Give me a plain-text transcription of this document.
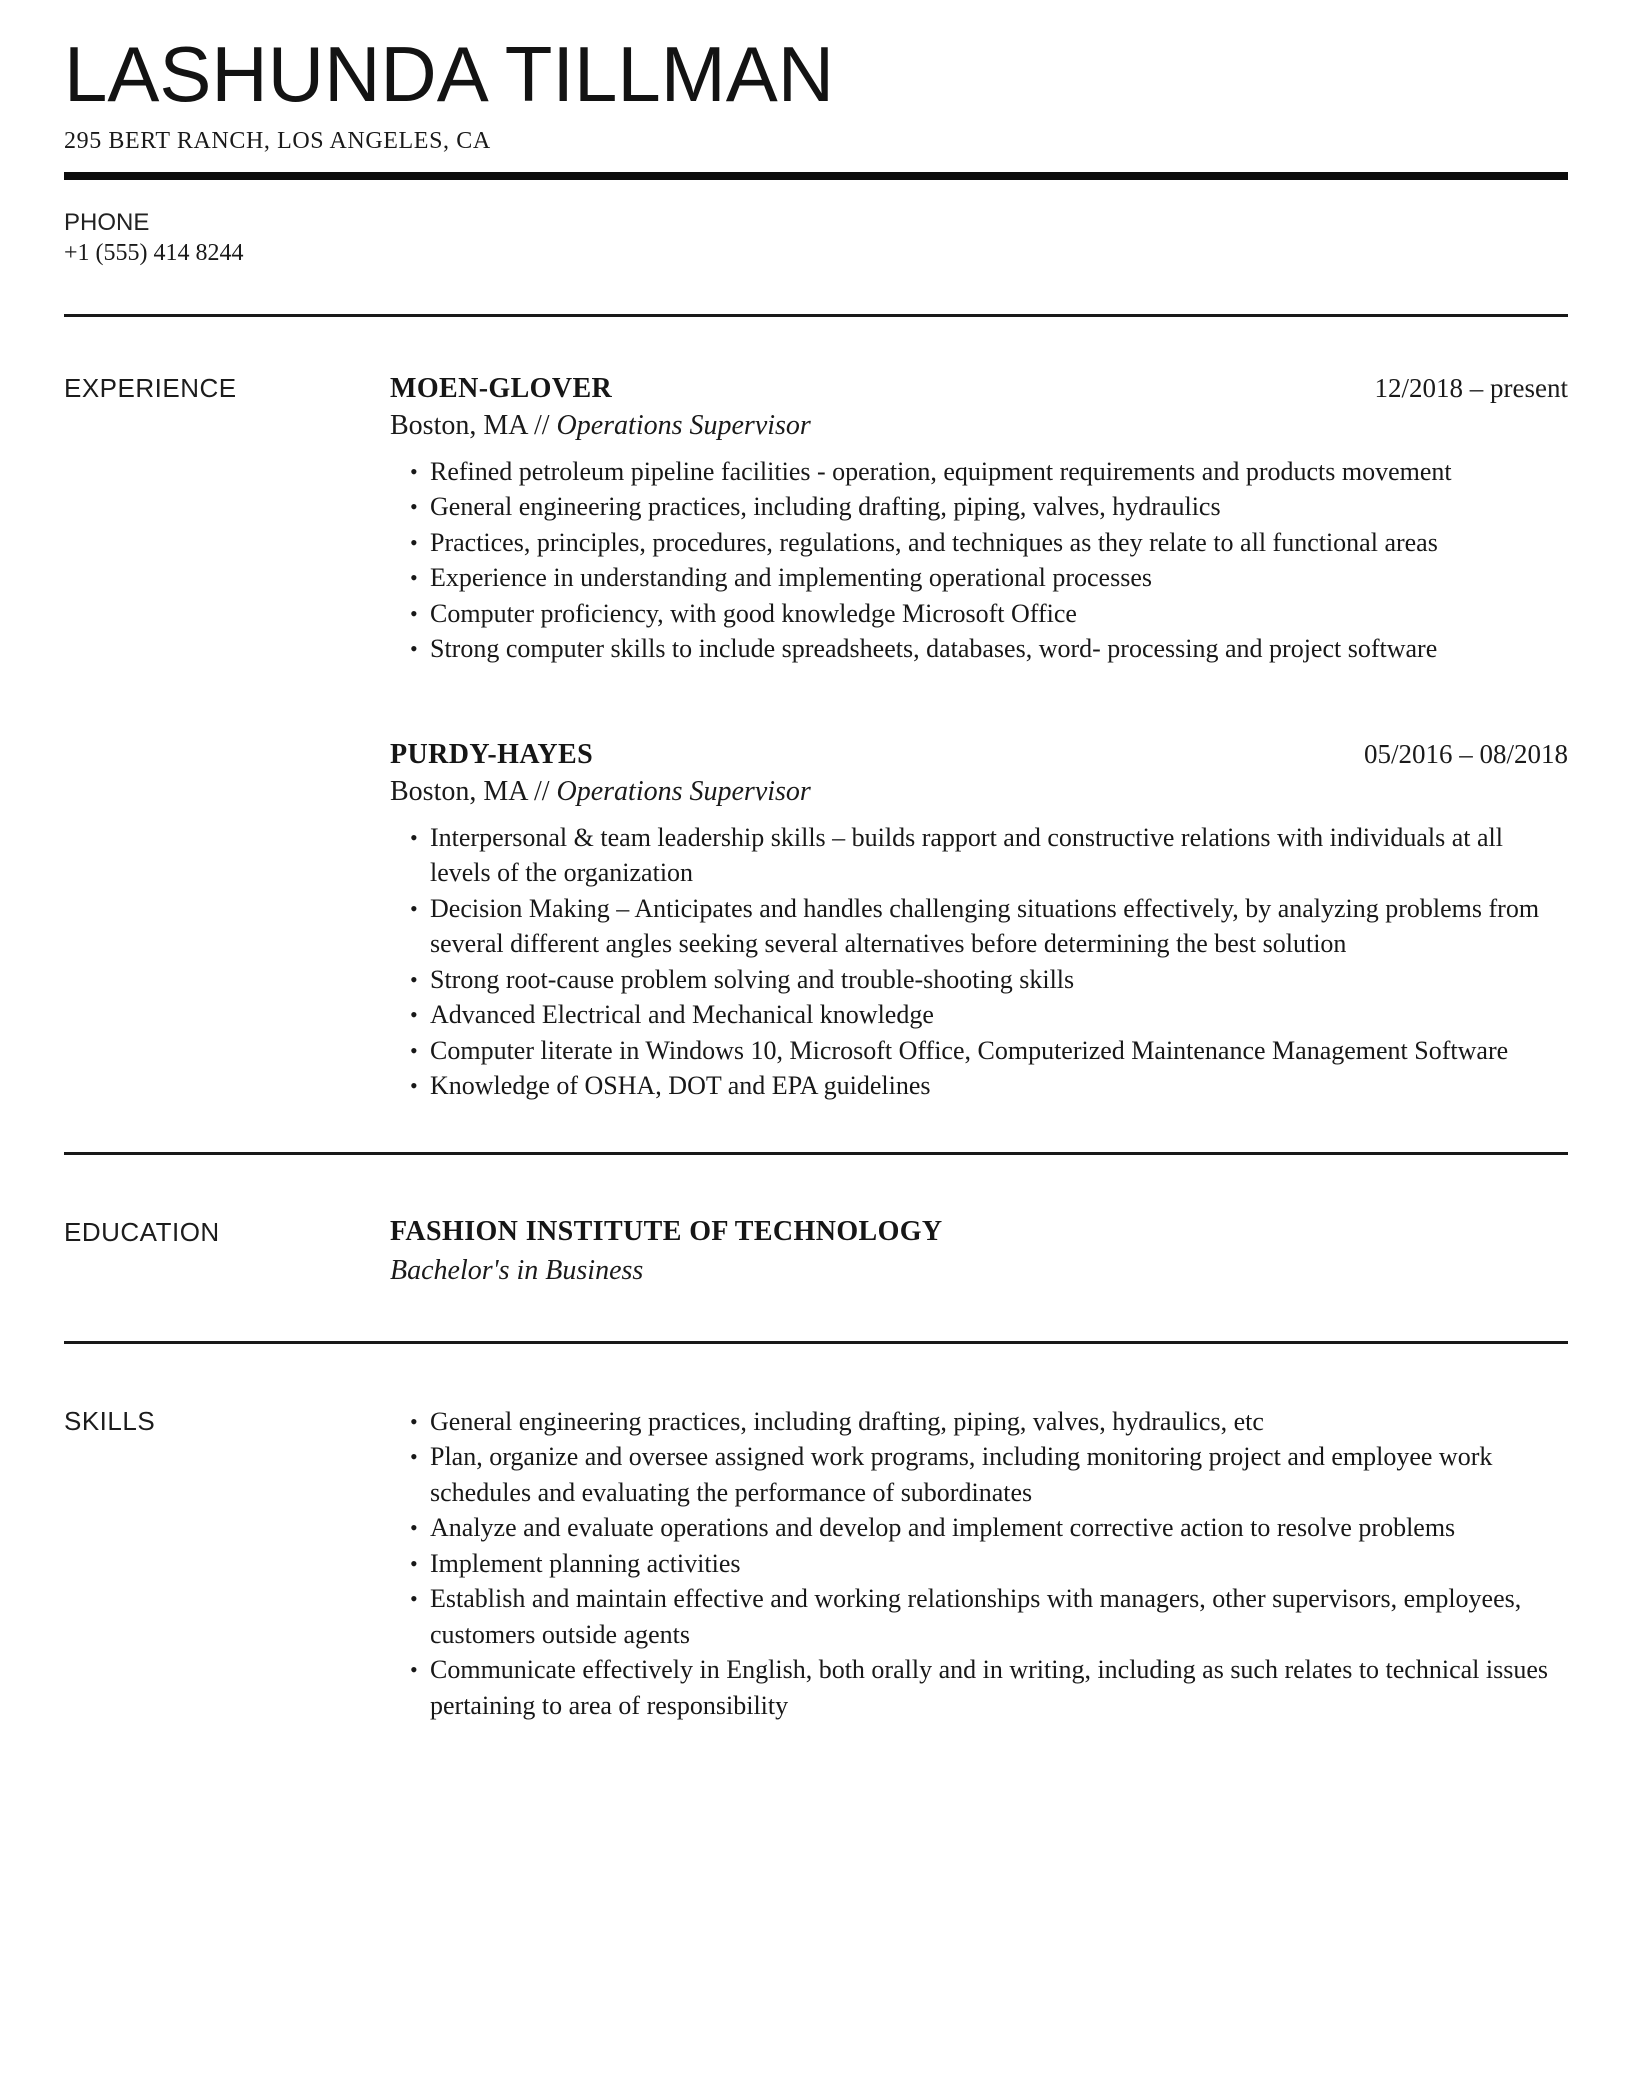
LASHUNDA TILLMAN
295 BERT RANCH, LOS ANGELES, CA
PHONE
+1 (555) 414 8244
EXPERIENCE	MOEN-GLOVER	12/2018 – present
Boston, MA // Operations Supervisor
• Refined petroleum pipeline facilities - operation, equipment requirements and products movement
• General engineering practices, including drafting, piping, valves, hydraulics
• Practices, principles, procedures, regulations, and techniques as they relate to all functional areas
• Experience in understanding and implementing operational processes
• Computer proficiency, with good knowledge Microsoft Office
• Strong computer skills to include spreadsheets, databases, word- processing and project software
PURDY-HAYES	05/2016 – 08/2018
Boston, MA // Operations Supervisor
• Interpersonal & team leadership skills – builds rapport and constructive relations with individuals at all levels of the organization
• Decision Making – Anticipates and handles challenging situations effectively, by analyzing problems from several different angles seeking several alternatives before determining the best solution
• Strong root-cause problem solving and trouble-shooting skills
• Advanced Electrical and Mechanical knowledge
• Computer literate in Windows 10, Microsoft Office, Computerized Maintenance Management Software
• Knowledge of OSHA, DOT and EPA guidelines
EDUCATION	FASHION INSTITUTE OF TECHNOLOGY
Bachelor's in Business
SKILLS	• General engineering practices, including drafting, piping, valves, hydraulics, etc
• Plan, organize and oversee assigned work programs, including monitoring project and employee work schedules and evaluating the performance of subordinates
• Analyze and evaluate operations and develop and implement corrective action to resolve problems
• Implement planning activities
• Establish and maintain effective and working relationships with managers, other supervisors, employees, customers outside agents
• Communicate effectively in English, both orally and in writing, including as such relates to technical issues pertaining to area of responsibility
